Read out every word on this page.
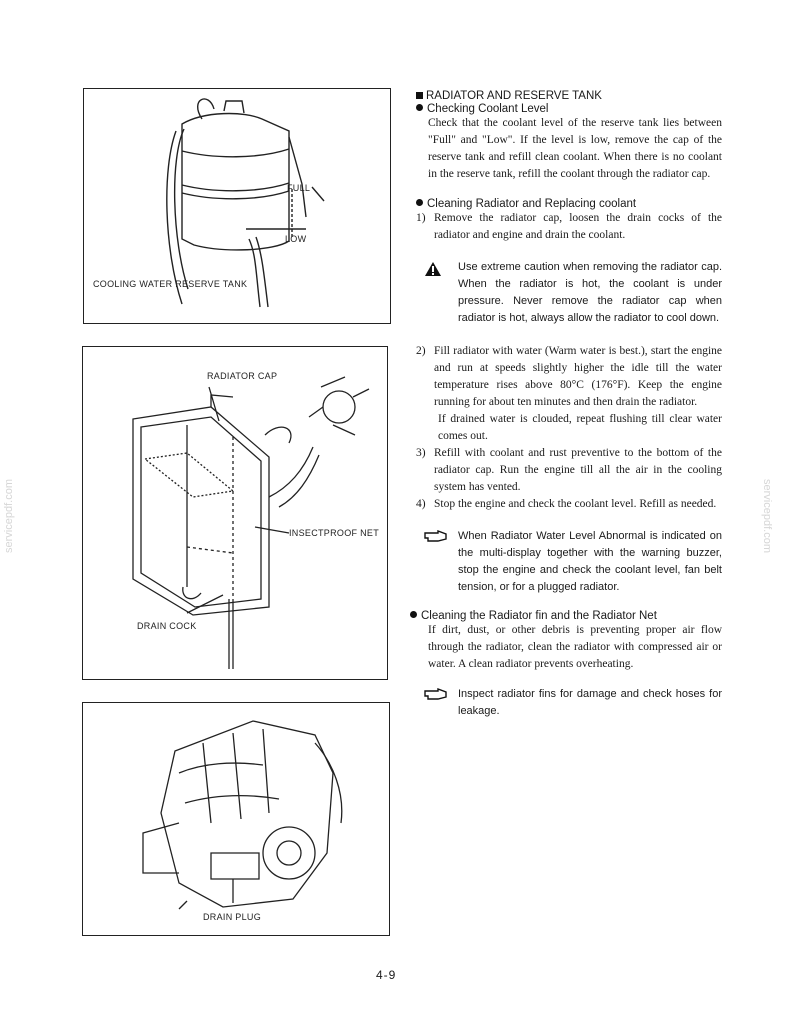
FULL
LOW
COOLING WATER RESERVE TANK
RADIATOR CAP
INSECTPROOF NET
DRAIN COCK
DRAIN PLUG
RADIATOR AND RESERVE TANK
Checking Coolant Level

Check that the coolant level of the reserve tank lies between "Full" and "Low". If the level is low, remove the cap of the reserve tank and refill clean coolant. When there is no coolant in the reserve tank, refill the coolant through the radiator cap.

Cleaning Radiator and Replacing coolant
1) Remove the radiator cap, loosen the drain cocks of the radiator and engine and drain the coolant.
Use extreme caution when removing the radiator cap. When the radiator is hot, the coolant is under pressure. Never remove the radiator cap when radiator is hot, always allow the radiator to cool down.
2) Fill radiator with water (Warm water is best.), start the engine and run at speeds slightly higher the idle till the water temperature rises above 80°C (176°F). Keep the engine running for about ten minutes and then drain the radiator.

If drained water is clouded, repeat flushing till clear water comes out.

3) Refill with coolant and rust preventive to the bottom of the radiator cap. Run the engine till all the air in the cooling system has vented.
4) Stop the engine and check the coolant level. Refill as needed.
When Radiator Water Level Abnormal is indicated on the multi-display together with the warning buzzer, stop the engine and check the coolant level, fan belt tension, or for a plugged radiator.
Cleaning the Radiator fin and the Radiator Net

If dirt, dust, or other debris is preventing proper air flow through the radiator, clean the radiator with compressed air or water. A clean radiator prevents overheating.

Inspect radiator fins for damage and check hoses for leakage.
servicepdf.com	servicepdf.com
4-9
